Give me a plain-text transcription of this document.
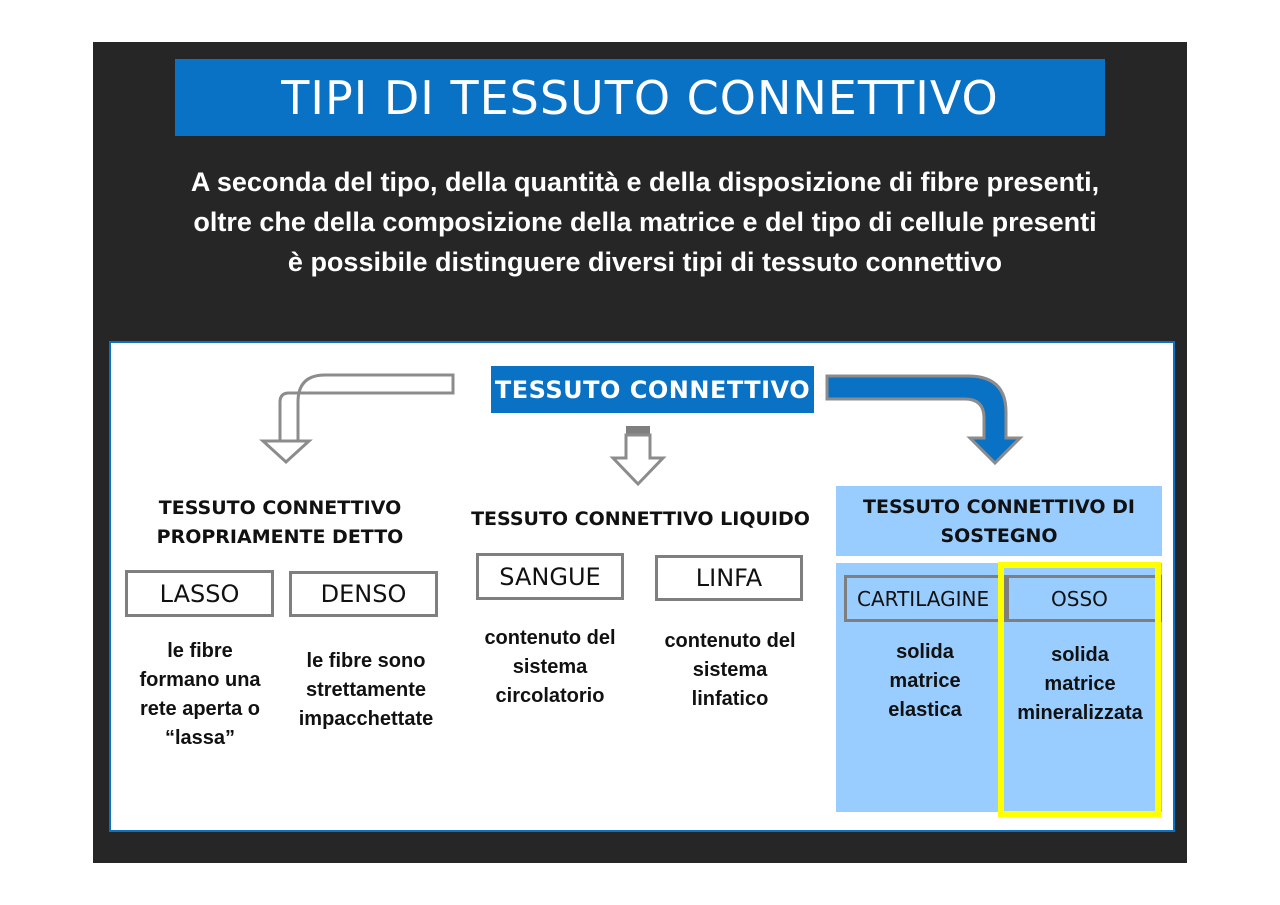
TIPI DI TESSUTO CONNETTIVO
A seconda del tipo, della quantità e della disposizione di fibre presenti,
oltre che della composizione della matrice e del tipo di cellule presenti
è possibile distinguere diversi tipi di tessuto connettivo
TESSUTO CONNETTIVO
TESSUTO CONNETTIVO
PROPRIAMENTE DETTO
LASSO	DENSO
le fibre
formano una
rete aperta o
“lassa”
le fibre sono
strettamente
impacchettate
TESSUTO CONNETTIVO LIQUIDO
SANGUE	LINFA
contenuto del
sistema
circolatorio
contenuto del
sistema
linfatico
TESSUTO CONNETTIVO DI
SOSTEGNO
CARTILAGINE	OSSO
solida
matrice
elastica
solida
matrice
mineralizzata
